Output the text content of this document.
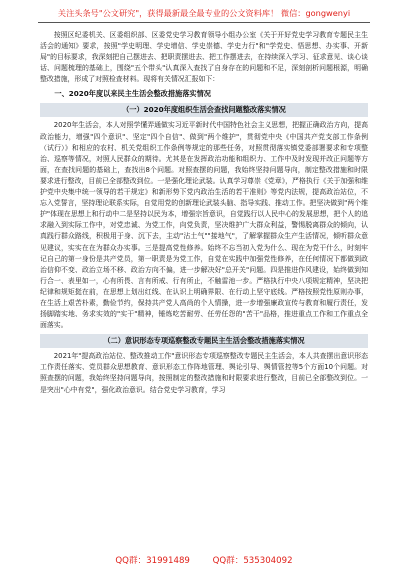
关注头条号"公文研究"，获得最新最全最专业的公文资料库！ 微信：gongwenyi

按照区纪委机关、区委组织部、区委党史学习教育领导小组办公室《关于开好党史学习教育专题民主生活会的通知》要求，按照"学史明理、学史增信、学史崇德、学史力行"和"学党史、悟思想、办实事、开新局"的目标要求，我深刻把自己摆进去、把职责摆进去、把工作摆进去，在持续深入学习、征求意见、谈心谈话、问题梳理的基础上，围绕"五个带头"认真深入查找了自身存在的问题和不足，深刻剖析问题根源，明确整改措施，形成了对照检查材料。现将有关情况汇报如下：

一、2020年度以来民主生活会整改措施落实情况
（一）2020年度组织生活会查找问题整改落实情况

2020年生活会，本人对照学懂弄通做实习近平新时代中国特色社会主义思想，把握正确政治方向，提高政治能力，增强"四个意识"、坚定"四个自信"、做到"两个维护"，贯彻党中央《中国共产党支部工作条例（试行）》和相应的农村、机关党组织工作条例等规定的那些任务，对照贯彻落实镇党委部署要求和专项整治、巡察等情况，对照人民群众的期待。尤其是在发挥政治功能和组织力、工作中及时发现并改正问题等方面，在查找问题的基础上，查找出8个问题。对照查摆的问题，我始终坚持问题导向，制定整改措施和时限要求进行整改，目前已全部整改到位。一是强化理论武装。认真学习尊崇《党章》，严格执行《关于加强和维护党中央集中统一领导的若干规定》和新形势下党内政治生活的若干准则》等党内法规，提高政治站位，不忘入党誓言，坚持理论联系实际，自觉用党的创新理论武装头脑、指导实践、推动工作。把坚决做到"两个维护"体现在思想上和行动中二是坚持以民为本，增强宗旨意识，自觉践行以人民中心的发展思想，把个人的追求融入到实际工作中，对党忠诚、为党工作，向党负责，坚决维护广大群众利益，警惕脱离群众的倾向，认真践行群众路线，积极用于身、沉下去，主动"沾土气""接地气"，了解掌握群众生产生活情况，倾听群众意见建议，实实在在为群众办实事。三是提高党性修养。始终不忘当初入党为什么、现在为党干什么，时刻牢记自己的第一身份是共产党员，第一职责是为党工作，自觉在实践中加强党性修养，在任何情况下都做到政治信仰不变、政治立场不移、政治方向不偏，进一步解决好"总开关"问题。四是推进作风建设，始终做到知行合一、表里如一，心有所畏、言有所戒、行有所止，不触雷池一步。严格执行中央八项规定精神，坚决把纪律和规矩挺在前，在思想上划出红线、在认识上明确界限、在行动上坚守底线。严格按照党性原则办事，在生活上艰苦朴素，勤俭节约，保持共产党人高尚的个人情操，进一步增强廉政宣传与教育和履行责任，发扬脚踏实地、务求实效的"实干"精神，锤炼吃苦耐劳、任劳任怨的"苦干"品格，推进重点工作和工作重点全面落实。

（二）意识形态专项巡察整改专题民主生活会整改措施落实情况

2021年"提高政治站位、整改推动工作"意识形态专项巡察整改专题民主生活会，本人共查摆出意识形态工作责任落实、党员群众思想教育、意识形态工作阵地管理、舆论引导、舆情管控等5个方面10个问题。对照查摆的问题，我始终坚持问题导向，按照制定的整改措施和时限要求进行整改，目前已全部整改到位。一是突出"心中有党"，强化政治意识。结合党史学习教育，学习

QQ群：31991489	QQ群：535304092
